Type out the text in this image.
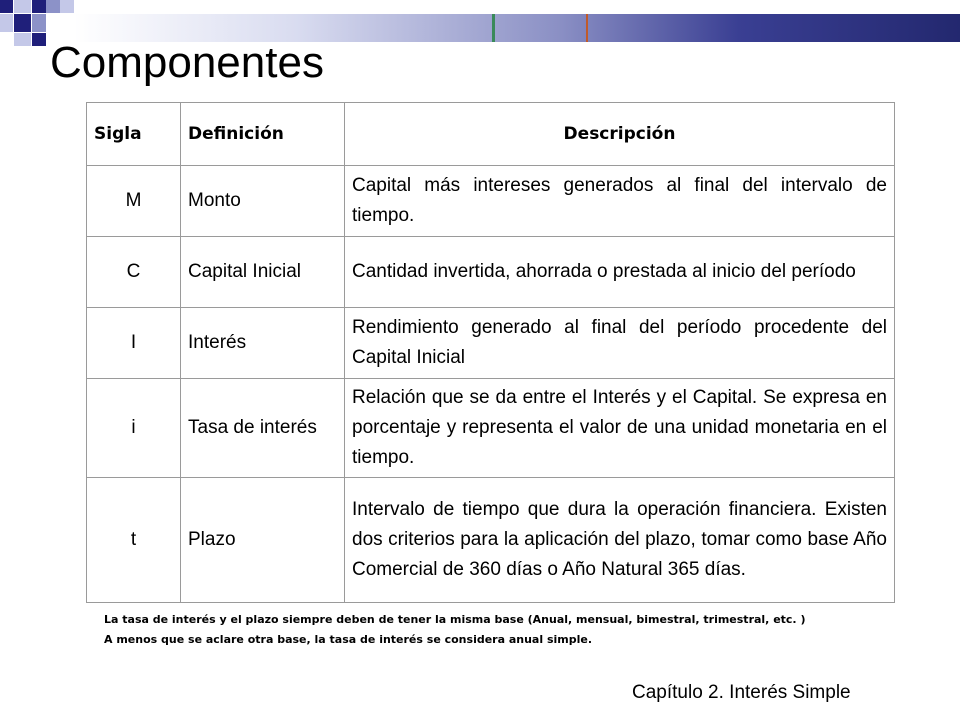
Componentes
Sigla	Definición	Descripción
M	Monto	Capital más intereses generados al final del intervalo de tiempo.
C	Capital Inicial	Cantidad invertida, ahorrada o prestada al inicio del período
I	Interés	Rendimiento generado al final del período procedente del Capital Inicial
i	Tasa de interés	Relación que se da entre el Interés y el Capital. Se expresa en porcentaje y representa el valor de una unidad monetaria en el tiempo.
t	Plazo	Intervalo de tiempo que dura la operación financiera. Existen dos criterios para la aplicación del plazo, tomar como base Año Comercial de 360 días o Año Natural 365 días.

La tasa de interés y el plazo siempre deben de tener la misma base (Anual, mensual, bimestral, trimestral, etc. )

A menos que se aclare otra base, la tasa de interés se considera anual simple.

Capítulo 2. Interés Simple
